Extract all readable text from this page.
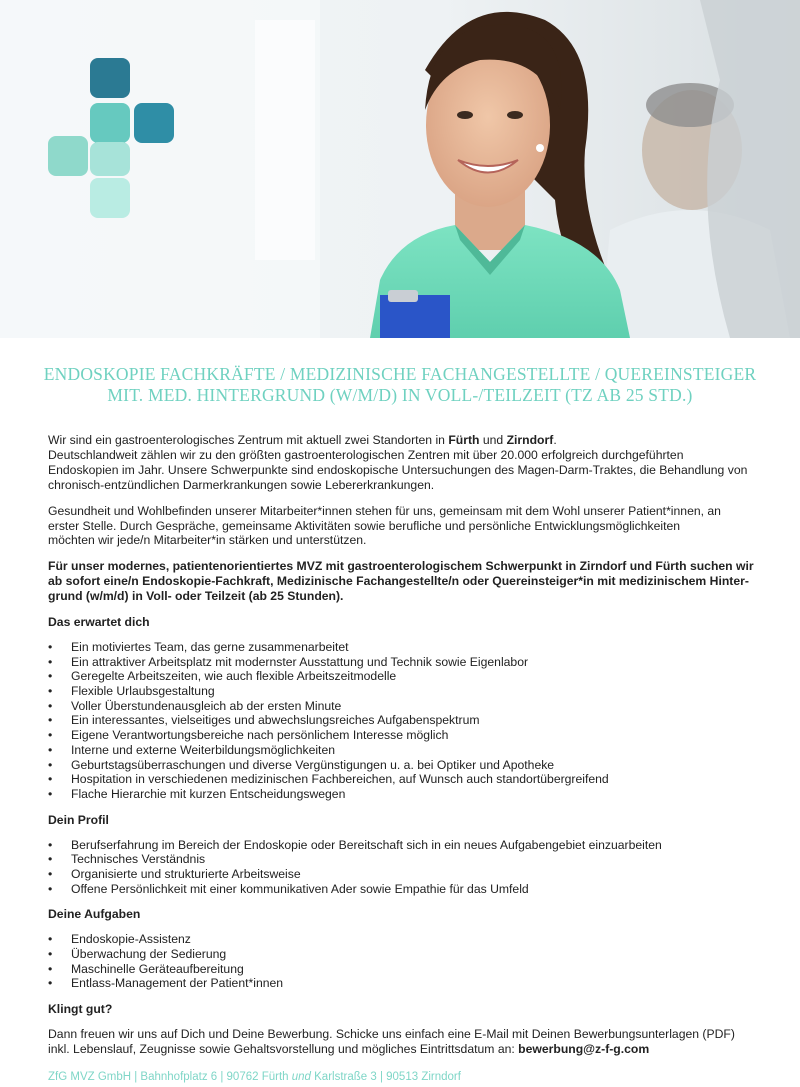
ENDOSKOPIE FACHKRÄFTE / MEDIZINISCHE FACHANGESTELLTE / QUEREINSTEIGER
MIT. MED. HINTERGRUND (W/M/D) IN VOLL-/TEILZEIT (TZ AB 25 STD.)

Wir sind ein gastroenterologisches Zentrum mit aktuell zwei Standorten in Fürth und Zirndorf.
Deutschlandweit zählen wir zu den größten gastroenterologischen Zentren mit über 20.000 erfolgreich durchgeführten
Endoskopien im Jahr. Unsere Schwerpunkte sind endoskopische Untersuchungen des Magen-Darm-Traktes, die Behandlung von
chronisch-entzündlichen Darmerkrankungen sowie Lebererkrankungen.

Gesundheit und Wohlbefinden unserer Mitarbeiter*innen stehen für uns, gemeinsam mit dem Wohl unserer Patient*innen, an
erster Stelle. Durch Gespräche, gemeinsame Aktivitäten sowie berufliche und persönliche Entwicklungsmöglichkeiten
möchten wir jede/n Mitarbeiter*in stärken und unterstützen.

Für unser modernes, patientenorientiertes MVZ mit gastroenterologischem Schwerpunkt in Zirndorf und Fürth suchen wir
ab sofort eine/n Endoskopie-Fachkraft, Medizinische Fachangestellte/n oder Quereinsteiger*in mit medizinischem Hinter-
grund (w/m/d) in Voll- oder Teilzeit (ab 25 Stunden).

Das erwartet dich
• Ein motiviertes Team, das gerne zusammenarbeitet
• Ein attraktiver Arbeitsplatz mit modernster Ausstattung und Technik sowie Eigenlabor
• Geregelte Arbeitszeiten, wie auch flexible Arbeitszeitmodelle
• Flexible Urlaubsgestaltung
• Voller Überstundenausgleich ab der ersten Minute
• Ein interessantes, vielseitiges und abwechslungsreiches Aufgabenspektrum
• Eigene Verantwortungsbereiche nach persönlichem Interesse möglich
• Interne und externe Weiterbildungsmöglichkeiten
• Geburtstagsüberraschungen und diverse Vergünstigungen u. a. bei Optiker und Apotheke
• Hospitation in verschiedenen medizinischen Fachbereichen, auf Wunsch auch standortübergreifend
• Flache Hierarchie mit kurzen Entscheidungswegen
Dein Profil
• Berufserfahrung im Bereich der Endoskopie oder Bereitschaft sich in ein neues Aufgabengebiet einzuarbeiten
• Technisches Verständnis
• Organisierte und strukturierte Arbeitsweise
• Offene Persönlichkeit mit einer kommunikativen Ader sowie Empathie für das Umfeld
Deine Aufgaben
• Endoskopie-Assistenz
• Überwachung der Sedierung
• Maschinelle Geräteaufbereitung
• Entlass-Management der Patient*innen
Klingt gut?

Dann freuen wir uns auf Dich und Deine Bewerbung. Schicke uns einfach eine E-Mail mit Deinen Bewerbungsunterlagen (PDF)
inkl. Lebenslauf, Zeugnisse sowie Gehaltsvorstellung und mögliches Eintrittsdatum an: bewerbung@z-f-g.com

ZfG MVZ GmbH | Bahnhofplatz 6 | 90762 Fürth und Karlstraße 3 | 90513 Zirndorf
